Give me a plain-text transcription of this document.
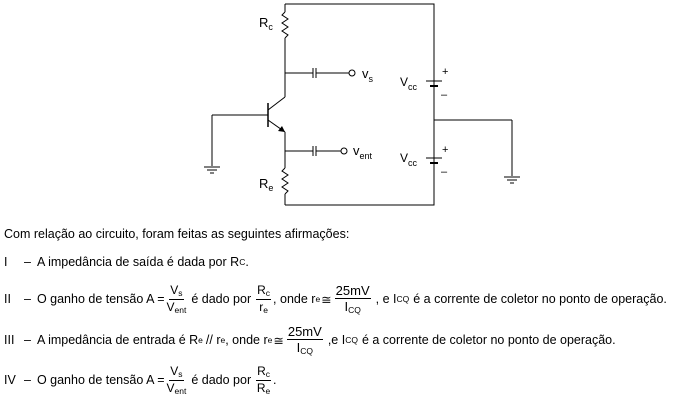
$R_c$
$R_e$
$v_s$
$v_{ent}$
$V_{cc}$
$V_{cc}$
+
–
+
–
Com relação ao circuito, foram feitas as seguintes afirmações:
I	– A impedância de saída é dada por R C .
II	– O ganho de tensão $A = \frac{V_s}{V_{ent}}$ é dado por $\frac{R_c}{r_e}$ , onde r e ≅ $\frac{25mV}{I_{CQ}}$ , e I CQ é a corrente de coletor no ponto de operação.
III – A impedância de entrada é R e // r e , onde r e ≅ $\frac{25mV}{I_{CQ}} ,e$ I CQ é a corrente de coletor no ponto de operação.
IV – O ganho de tensão $A = \frac{V_s}{V_{ent}}$ é dado por $\frac{R_c}{R_e}$ .
